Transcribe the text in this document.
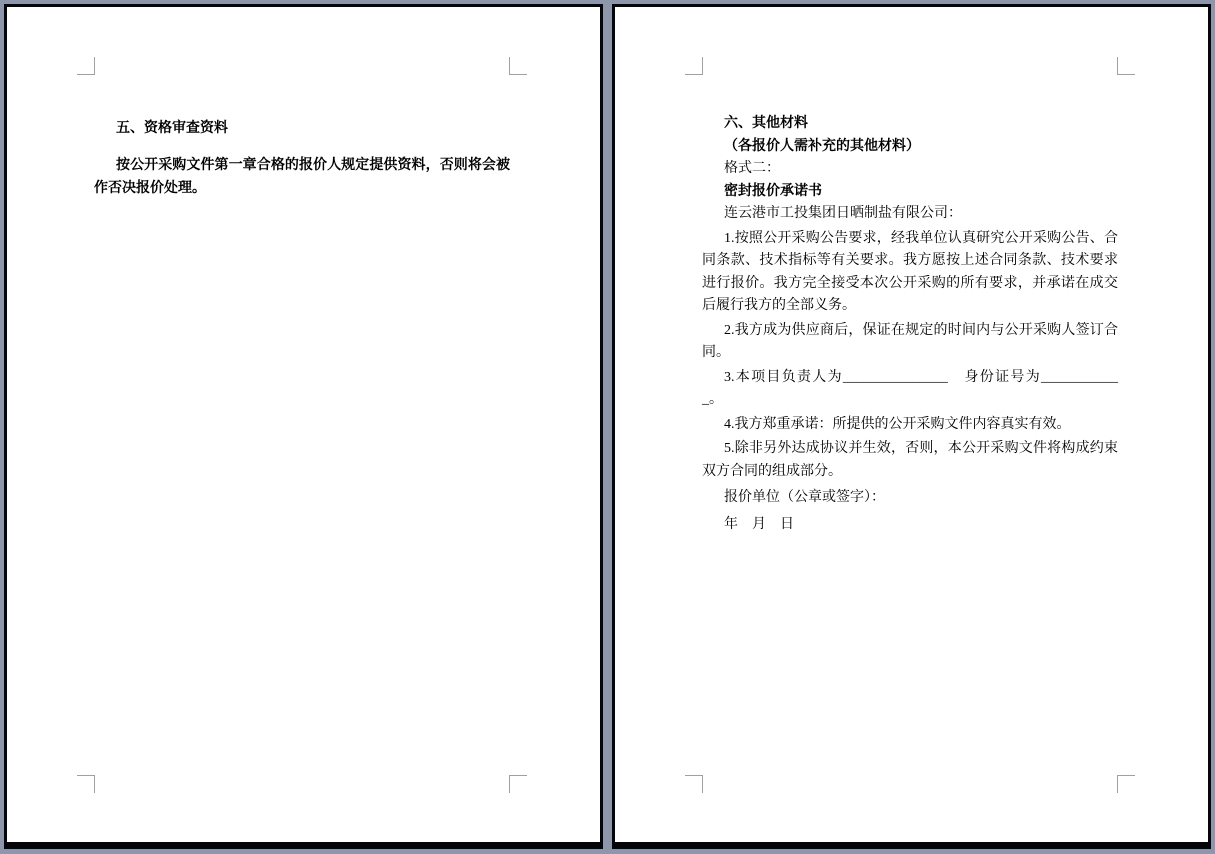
五、资格审查资料

按公开采购文件第一章合格的报价人规定提供资料，否则将会被作否决报价处理。

六、其他材料

（各报价人需补充的其他材料）

格式二：

密封报价承诺书

连云港市工投集团日晒制盐有限公司：

1.按照公开采购公告要求，经我单位认真研究公开采购公告、合同条款、技术指标等有关要求。我方愿按上述合同条款、技术要求进行报价。我方完全接受本次公开采购的所有要求，并承诺在成交后履行我方的全部义务。

2.我方成为供应商后，保证在规定的时间内与公开采购人签订合同。

3.本项目负责人为_______________　身份证号为____________。

4.我方郑重承诺：所提供的公开采购文件内容真实有效。

5.除非另外达成协议并生效，否则，本公开采购文件将构成约束双方合同的组成部分。

报价单位（公章或签字）：

年　月　日
